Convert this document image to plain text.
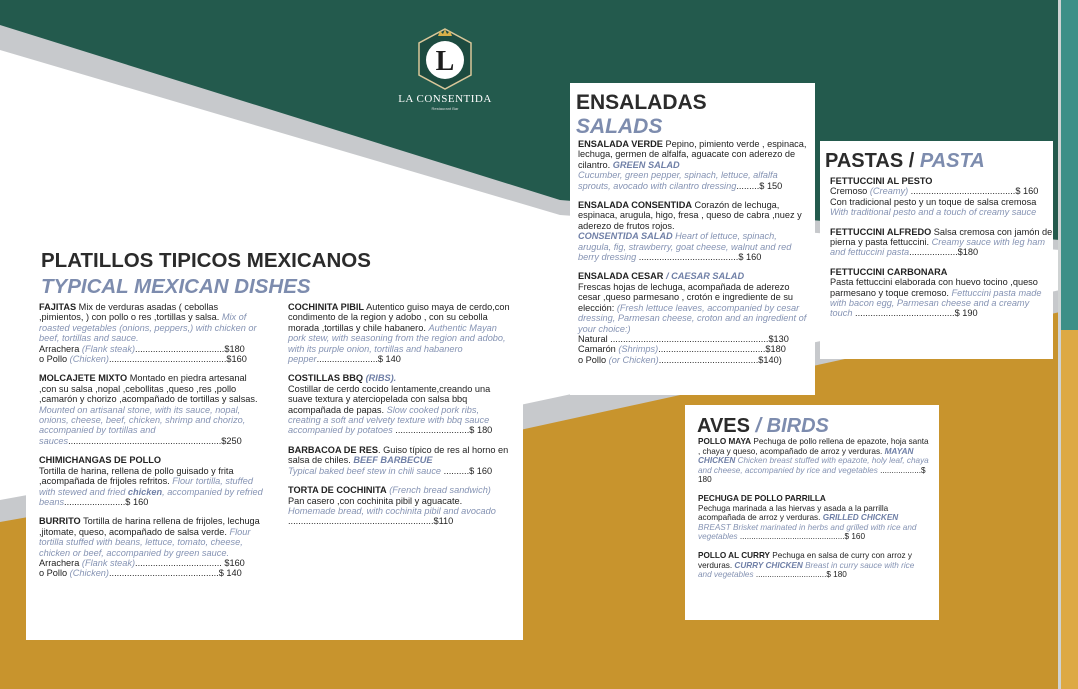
L
LA CONSENTIDA
Restaurant Bar
PLATILLOS TIPICOS MEXICANOS
TYPICAL MEXICAN DISHES

FAJITAS Mix de verduras asadas ( cebollas ,pimientos, ) con pollo o res ,tortillas y salsa. Mix of roasted vegetables (onions, peppers,) with chicken or beef, tortillas and sauce.
Arrachera (Flank steak)...................................$180
o Pollo (Chicken)..............................................$160

MOLCAJETE MIXTO Montado en piedra artesanal ,con su salsa ,nopal ,cebollitas ,queso ,res ,pollo ,camarón y chorizo ,acompañado de tortillas y salsas. Mounted on artisanal stone, with its sauce, nopal, onions, cheese, beef, chicken, shrimp and chorizo, accompanied by tortillas and sauces............................................................$250

CHIMICHANGAS DE POLLO
Tortilla de harina, rellena de pollo guisado y frita ,acompañada de frijoles refritos. Flour tortilla, stuffed with stewed and fried chicken, accompanied by refried beans........................$ 160

BURRITO Tortilla de harina rellena de frijoles, lechuga ,jitomate, queso, acompañado de salsa verde. Flour tortilla stuffed with beans, lettuce, tomato, cheese, chicken or beef, accompanied by green sauce.
Arrachera (Flank steak).................................. $160
o Pollo (Chicken)...........................................$ 140

COCHINITA PIBIL Autentico guiso maya de cerdo,con condimento de la region y adobo , con su cebolla morada ,tortillas y chile habanero. Authentic Mayan pork stew, with seasoning from the region and adobo, with its purple onion, tortillas and habanero pepper........................$ 140

COSTILLAS BBQ (RIBS).
Costillar de cerdo cocido lentamente,creando una suave textura y aterciopelada con salsa bbq acompañada de papas. Slow cooked pork ribs, creating a soft and velvety texture with bbq sauce accompanied by potatoes .............................$ 180

BARBACOA DE RES. Guiso típico de res al horno en salsa de chiles. BEEF BARBECUE
Typical baked beef stew in chili sauce ..........$ 160

TORTA DE COCHINITA (French bread sandwich)
Pan casero ,con cochinita pibil y aguacate.
Homemade bread, with cochinita pibil and avocado .........................................................$110

ENSALADAS
SALADS

ENSALADA VERDE Pepino, pimiento verde , espinaca, lechuga, germen de alfalfa, aguacate con aderezo de cilantro. GREEN SALAD
Cucumber, green pepper, spinach, lettuce, alfalfa sprouts, avocado with cilantro dressing.........$ 150

ENSALADA CONSENTIDA Corazón de lechuga, espinaca, arugula, higo, fresa , queso de cabra ,nuez y aderezo de frutos rojos.
CONSENTIDA SALAD Heart of lettuce, spinach, arugula, fig, strawberry, goat cheese, walnut and red berry dressing .......................................$ 160

ENSALADA CESAR / CAESAR SALAD
Frescas hojas de lechuga, acompañada de aderezo cesar ,queso parmesano , crotón e ingrediente de su elección: (Fresh lettuce leaves, accompanied by cesar dressing, Parmesan cheese, croton and an ingredient of your choice:)
Natural ..............................................................$130
Camarón (Shrimps)..........................................$180
o Pollo (or Chicken).......................................$140)

PASTAS / PASTA

FETTUCCINI AL PESTO
Cremoso (Creamy) .........................................$ 160
Con tradicional pesto y un toque de salsa cremosa
With traditional pesto and a touch of creamy sauce

FETTUCCINI ALFREDO Salsa cremosa con jamón de pierna y pasta fettuccini. Creamy sauce with leg ham and fettuccini pasta...................$180

FETTUCCINI CARBONARA
Pasta fettuccini elaborada con huevo tocino ,queso parmesano y toque cremoso. Fettuccini pasta made with bacon egg, Parmesan cheese and a creamy touch .......................................$ 190

AVES / BIRDS

POLLO MAYA Pechuga de pollo rellena de epazote, hoja santa , chaya y queso, acompañado de arroz y verduras. MAYAN CHICKEN Chicken breast stuffed with epazote, holy leaf, chaya and cheese, accompanied by rice and vegetables ..................$ 180

PECHUGA DE POLLO PARRILLA
Pechuga marinada a las hiervas y asada a la parrilla acompañada de arroz y verduras. GRILLED CHICKEN BREAST Brisket marinated in herbs and grilled with rice and vegetables ..............................................$ 160

POLLO AL CURRY Pechuga en salsa de curry con arroz y verduras. CURRY CHICKEN Breast in curry sauce with rice and vegetables ...............................$ 180
